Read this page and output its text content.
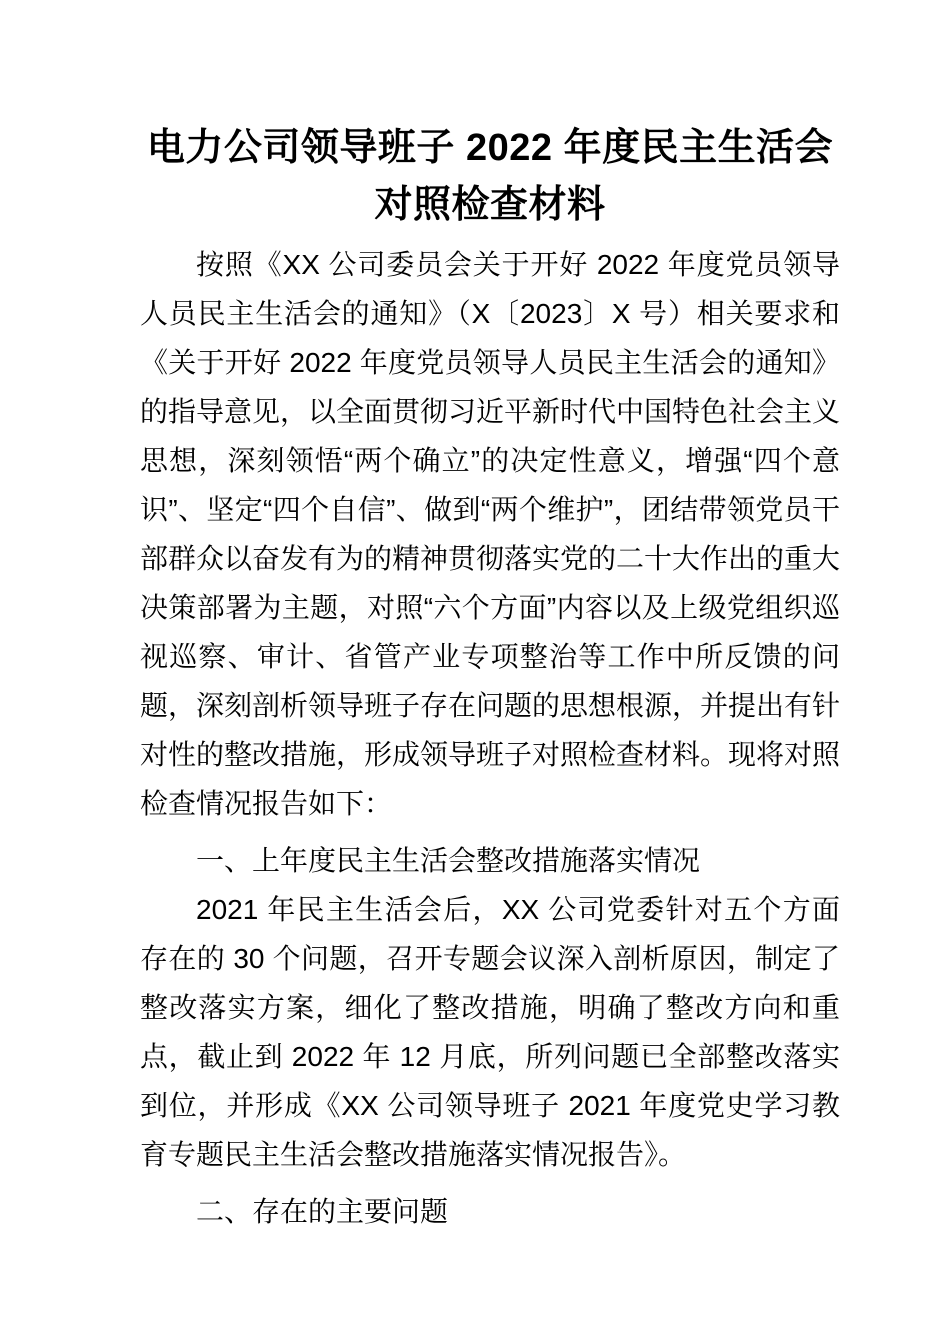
电力公司领导班子 2022 年度民主生活会
对照检查材料

按照《XX 公司委员会关于开好 2022 年度党员领导人员民主生活会的通知》（X〔2023〕X 号）相关要求和《关于开好 2022 年度党员领导人员民主生活会的通知》的指导意见，以全面贯彻习近平新时代中国特色社会主义思想，深刻领悟“两个确立”的决定性意义，增强“四个意识”、坚定“四个自信”、做到“两个维护”，团结带领党员干部群众以奋发有为的精神贯彻落实党的二十大作出的重大决策部署为主题，对照“六个方面”内容以及上级党组织巡视巡察、审计、省管产业专项整治等工作中所反馈的问题，深刻剖析领导班子存在问题的思想根源，并提出有针对性的整改措施，形成领导班子对照检查材料。现将对照检查情况报告如下：

一、上年度民主生活会整改措施落实情况

2021 年民主生活会后，XX 公司党委针对五个方面存在的 30 个问题，召开专题会议深入剖析原因，制定了整改落实方案，细化了整改措施，明确了整改方向和重点，截止到 2022 年 12 月底，所列问题已全部整改落实到位，并形成《XX 公司领导班子 2021 年度党史学习教育专题民主生活会整改措施落实情况报告》。

二、存在的主要问题
